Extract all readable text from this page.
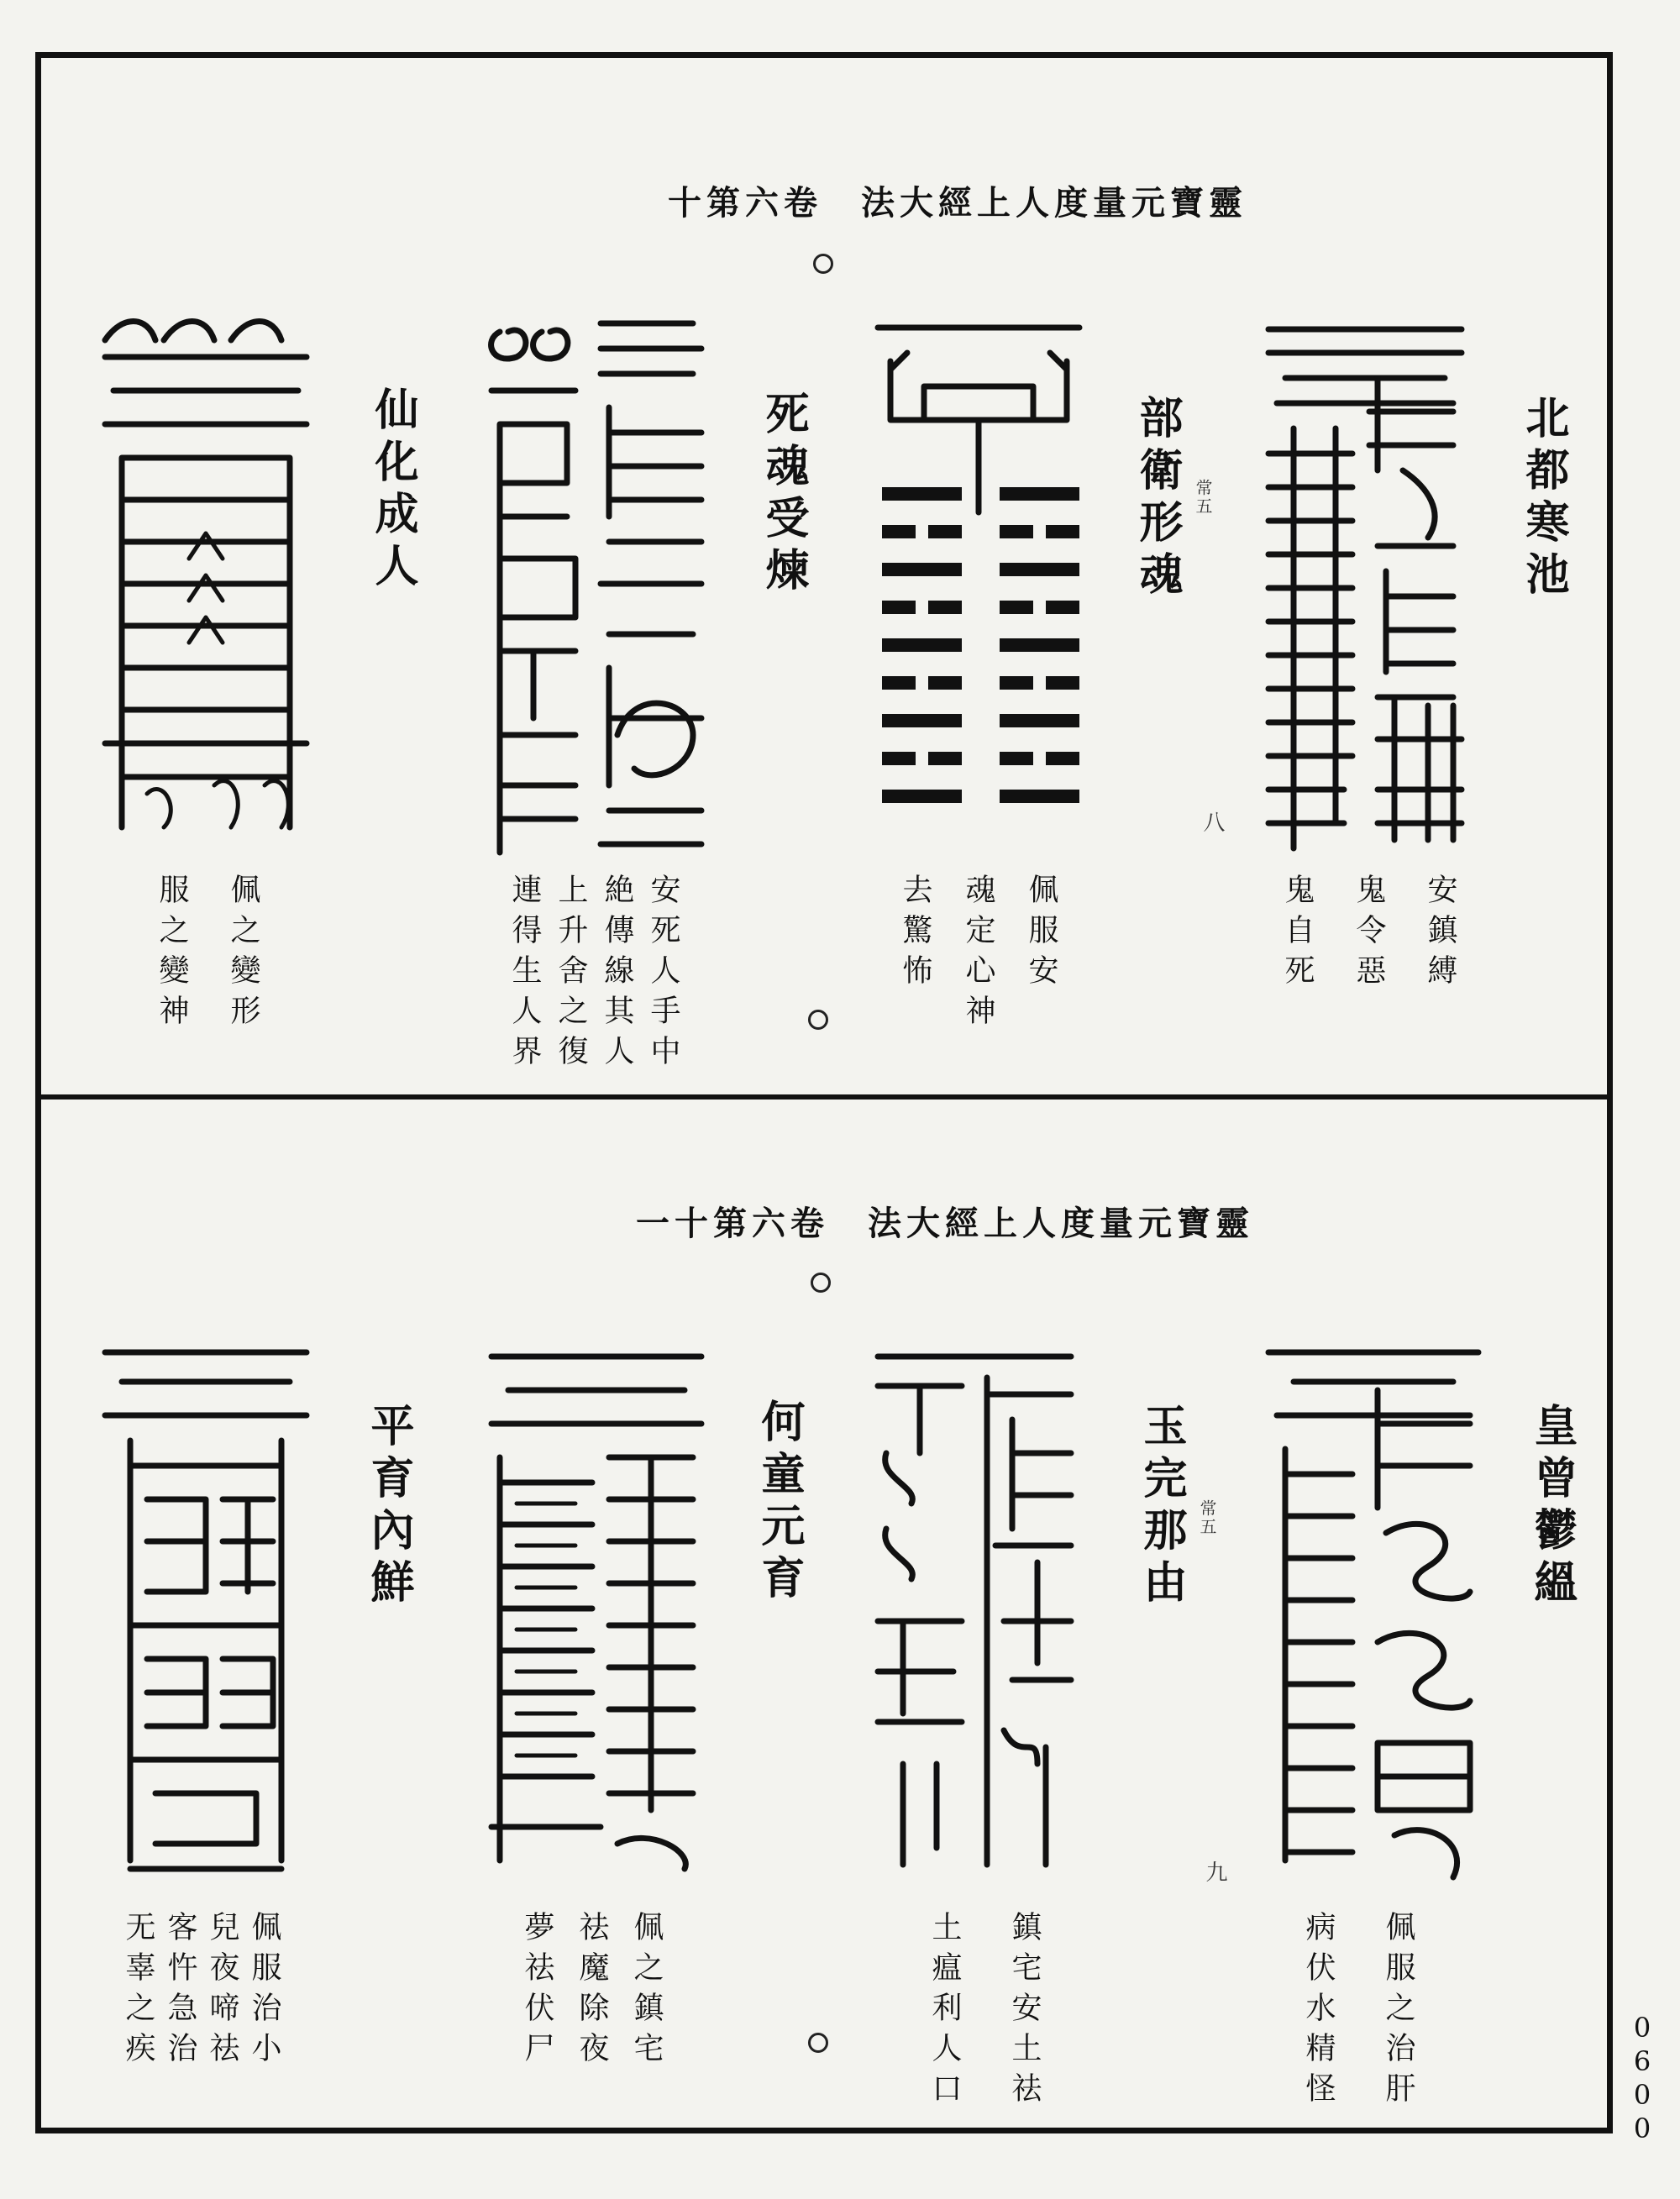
十第六卷　法大經上人度量元寶靈
北都寒池
安鎮縛
鬼令惡
鬼自死
部衛形魂 常五
八
佩服安
魂定心神
去驚怖
死魂受煉
安死人手中
絶傳線其人
上升舍之復
連得生人界
仙化成人
佩之變形
服之變神
一十第六卷　法大經上人度量元寶靈
皇曾鬱縕
佩服之治肝
病伏水精怪
玉完那由 常五
九
鎮宅安土祛
土瘟利人口
何童元育
佩之鎮宅
祛魔除夜
夢祛伏尸
平育內鮮
佩服治小
兒夜啼祛
客忤急治
无辜之疾
0600
